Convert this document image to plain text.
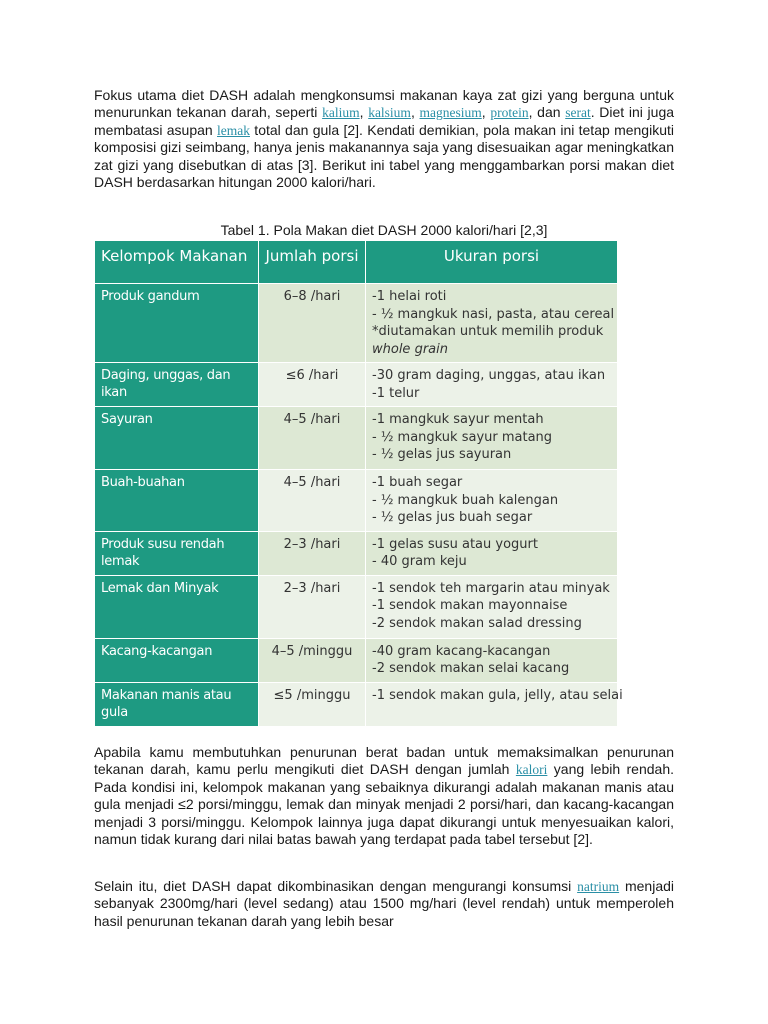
Fokus utama diet DASH adalah mengkonsumsi makanan kaya zat gizi yang berguna untuk menurunkan tekanan darah, seperti kalium, kalsium, magnesium, protein, dan serat. Diet ini juga membatasi asupan lemak total dan gula [2]. Kendati demikian, pola makan ini tetap mengikuti komposisi gizi seimbang, hanya jenis makanannya saja yang disesuaikan agar meningkatkan zat gizi yang disebutkan di atas [3]. Berikut ini tabel yang menggambarkan porsi makan diet DASH berdasarkan hitungan 2000 kalori/hari.

Tabel 1. Pola Makan diet DASH 2000 kalori/hari [2,3]

Kelompok Makanan	Jumlah porsi	Ukuran porsi
Produk gandum	6–8 /hari	-1 helai roti
- ½ mangkuk nasi, pasta, atau cereal
*diutamakan untuk memilih produk
whole grain

Daging, unggas, dan ikan	≤6 /hari	-30 gram daging, unggas, atau ikan
-1 telur

Sayuran	4–5 /hari	-1 mangkuk sayur mentah
- ½ mangkuk sayur matang
- ½ gelas jus sayuran

Buah-buahan	4–5 /hari	-1 buah segar
- ½ mangkuk buah kalengan
- ½ gelas jus buah segar

Produk susu rendah lemak	2–3 /hari	-1 gelas susu atau yogurt
- 40 gram keju

Lemak dan Minyak	2–3 /hari	-1 sendok teh margarin atau minyak
-1 sendok makan mayonnaise
-2 sendok makan salad dressing

Kacang-kacangan	4–5 /minggu	-40 gram kacang-kacangan
-2 sendok makan selai kacang

Makanan manis atau gula	≤5 /minggu	-1 sendok makan gula, jelly, atau selai

Apabila kamu membutuhkan penurunan berat badan untuk memaksimalkan penurunan tekanan darah, kamu perlu mengikuti diet DASH dengan jumlah kalori yang lebih rendah. Pada kondisi ini, kelompok makanan yang sebaiknya dikurangi adalah makanan manis atau gula menjadi ≤2 porsi/minggu, lemak dan minyak menjadi 2 porsi/hari, dan kacang-kacangan menjadi 3 porsi/minggu. Kelompok lainnya juga dapat dikurangi untuk menyesuaikan kalori, namun tidak kurang dari nilai batas bawah yang terdapat pada tabel tersebut [2].

Selain itu, diet DASH dapat dikombinasikan dengan mengurangi konsumsi natrium menjadi sebanyak 2300mg/hari (level sedang) atau 1500 mg/hari (level rendah) untuk memperoleh hasil penurunan tekanan darah yang lebih besar
